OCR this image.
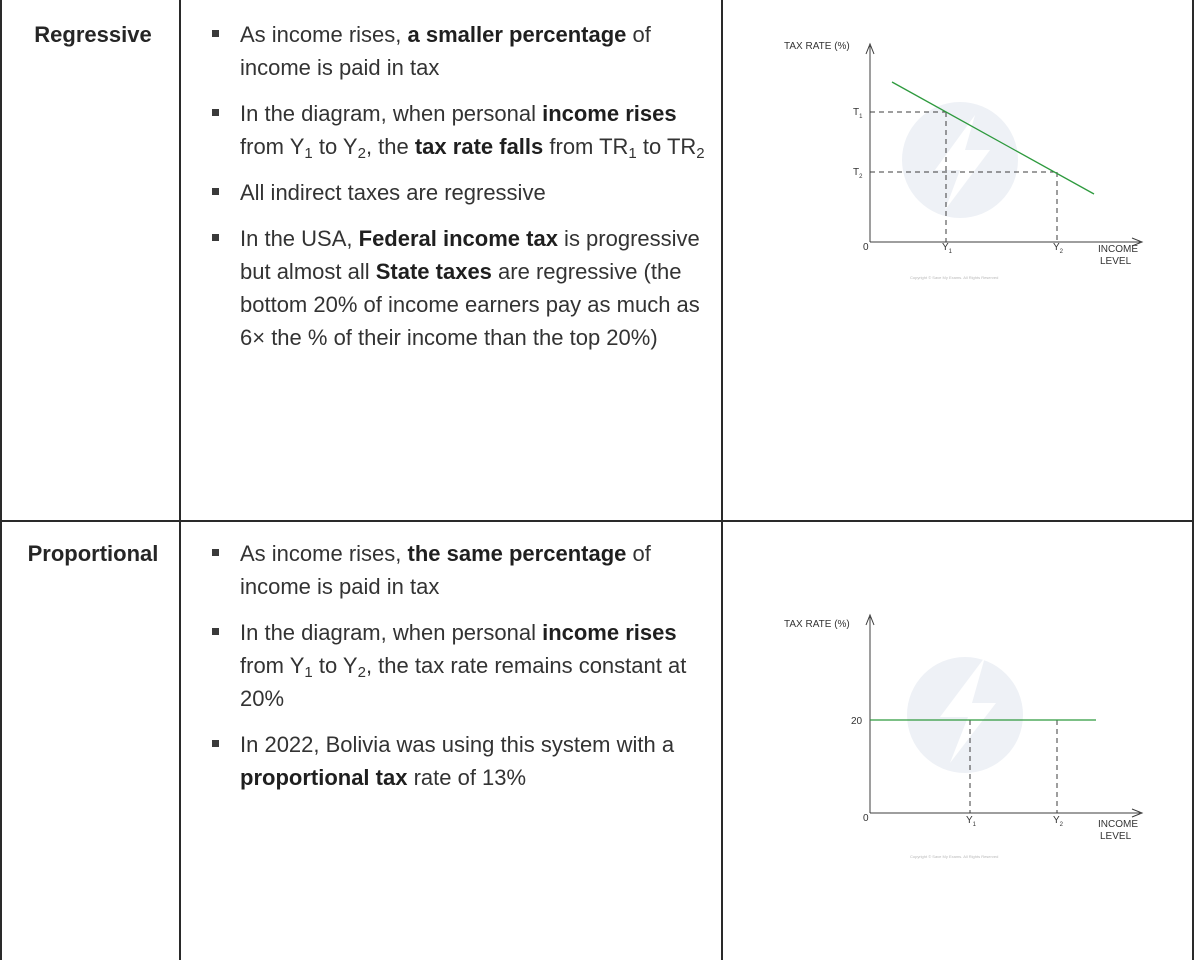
Regressive	As income rises, a smaller percentage of income is paid in tax
In the diagram, when personal income rises from $Y_1$ to $Y_2$, the tax rate falls from $TR_1$ to $TR_2$
All indirect taxes are regressive
In the USA, Federal income tax is progressive but almost all State taxes are regressive (the bottom 20% of income earners pay as much as 6× the % of their income than the top 20%)
TAX RATE (%)
$T_1$
$T_2$
0	$Y_1$	$Y_2$	INCOME
LEVEL
Copyright © Save My Exams. All Rights Reserved
Proportional	As income rises, the same percentage of income is paid in tax
In the diagram, when personal income rises from $Y_1$ to $Y_2$, the tax rate remains constant at 20%
In 2022, Bolivia was using this system with a proportional tax rate of 13%
TAX RATE (%)
20
0	$Y_1$	$Y_2$	INCOME
LEVEL
Copyright © Save My Exams. All Rights Reserved
